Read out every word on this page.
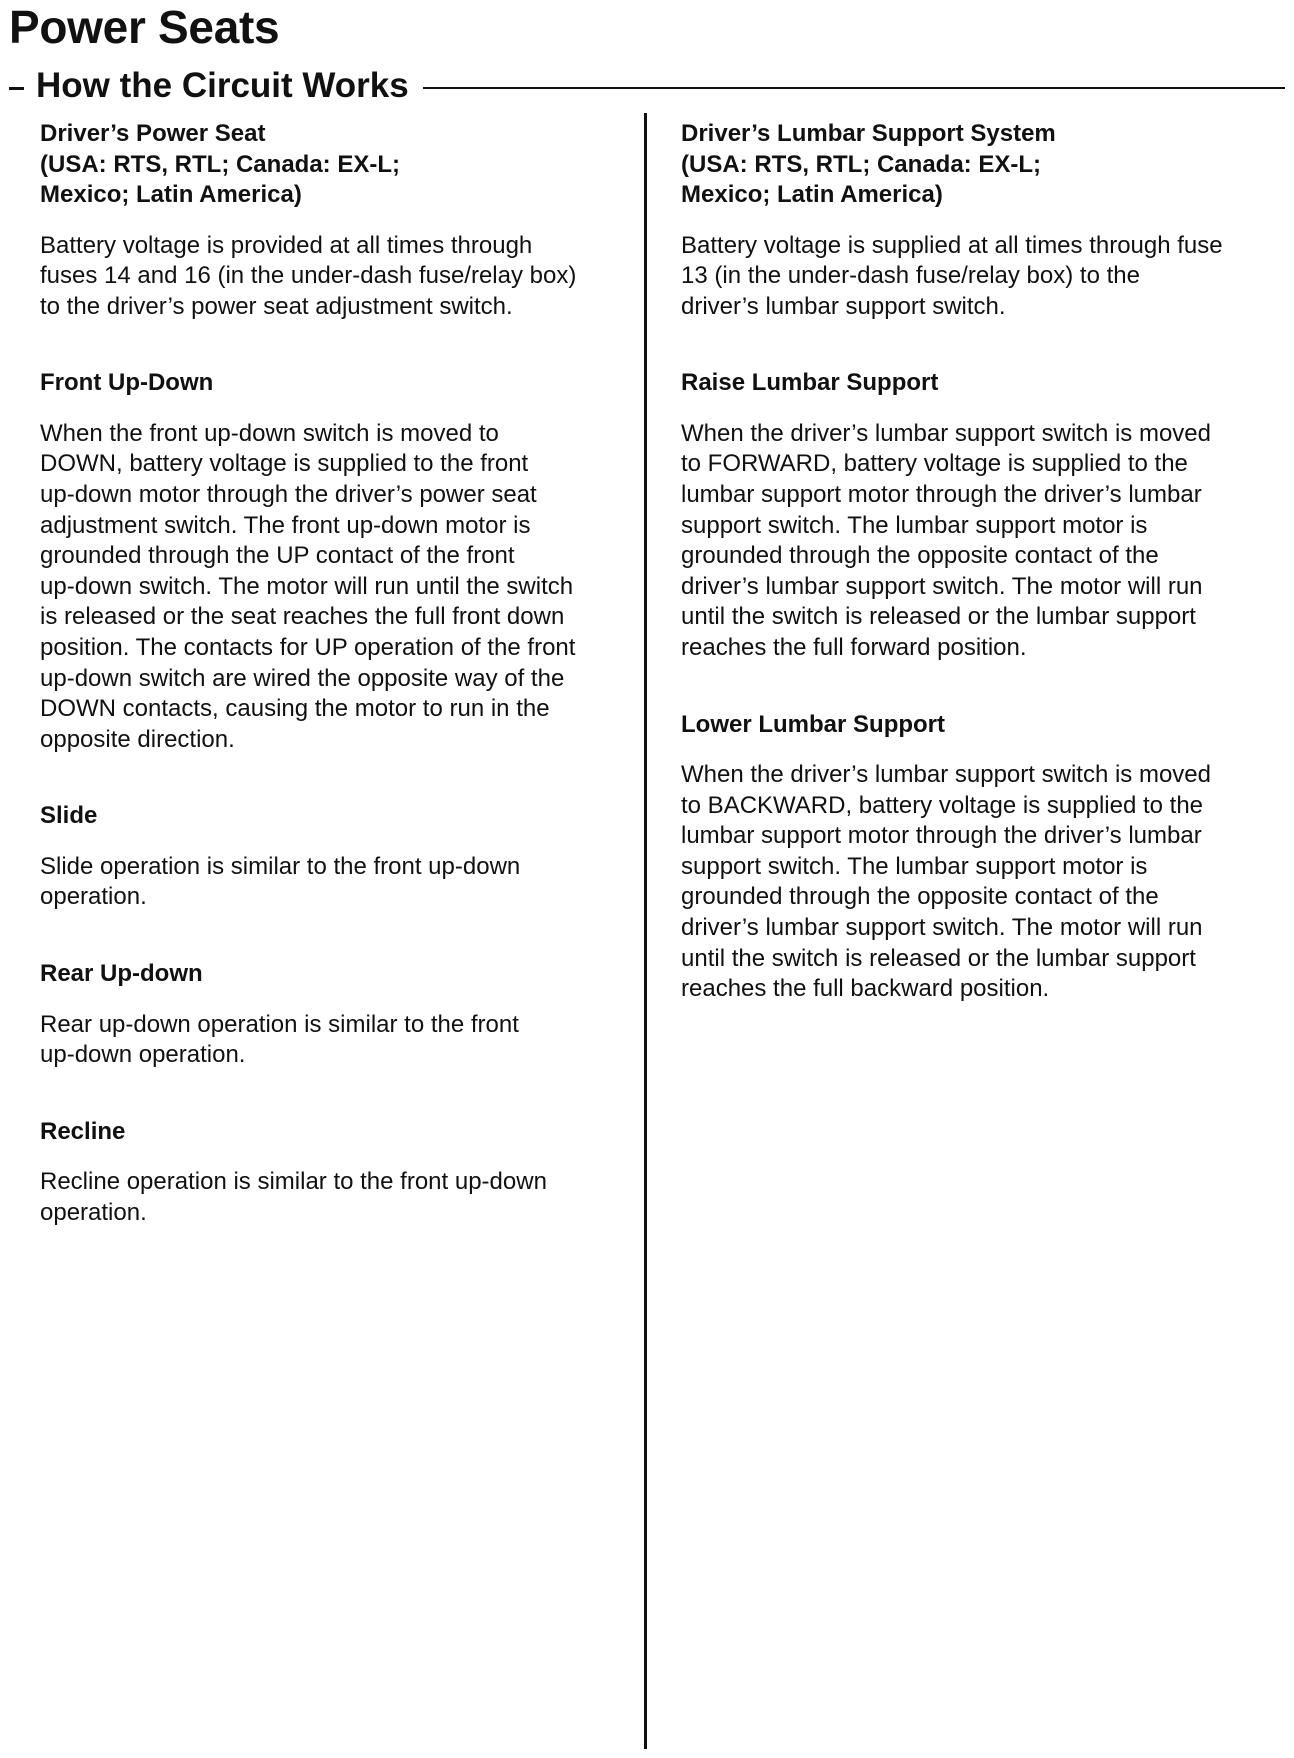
Power Seats
How the Circuit Works
Driver’s Power Seat
(USA: RTS, RTL; Canada: EX-L;
Mexico; Latin America)

Battery voltage is provided at all times through
fuses 14 and 16 (in the under-dash fuse/relay box)
to the driver’s power seat adjustment switch.

Front Up-Down

When the front up-down switch is moved to
DOWN, battery voltage is supplied to the front
up-down motor through the driver’s power seat
adjustment switch. The front up-down motor is
grounded through the UP contact of the front
up-down switch. The motor will run until the switch
is released or the seat reaches the full front down
position. The contacts for UP operation of the front
up-down switch are wired the opposite way of the
DOWN contacts, causing the motor to run in the
opposite direction.

Slide

Slide operation is similar to the front up-down
operation.

Rear Up-down

Rear up-down operation is similar to the front
up-down operation.

Recline

Recline operation is similar to the front up-down
operation.

Driver’s Lumbar Support System
(USA: RTS, RTL; Canada: EX-L;
Mexico; Latin America)

Battery voltage is supplied at all times through fuse
13 (in the under-dash fuse/relay box) to the
driver’s lumbar support switch.

Raise Lumbar Support

When the driver’s lumbar support switch is moved
to FORWARD, battery voltage is supplied to the
lumbar support motor through the driver’s lumbar
support switch. The lumbar support motor is
grounded through the opposite contact of the
driver’s lumbar support switch. The motor will run
until the switch is released or the lumbar support
reaches the full forward position.

Lower Lumbar Support

When the driver’s lumbar support switch is moved
to BACKWARD, battery voltage is supplied to the
lumbar support motor through the driver’s lumbar
support switch. The lumbar support motor is
grounded through the opposite contact of the
driver’s lumbar support switch. The motor will run
until the switch is released or the lumbar support
reaches the full backward position.
